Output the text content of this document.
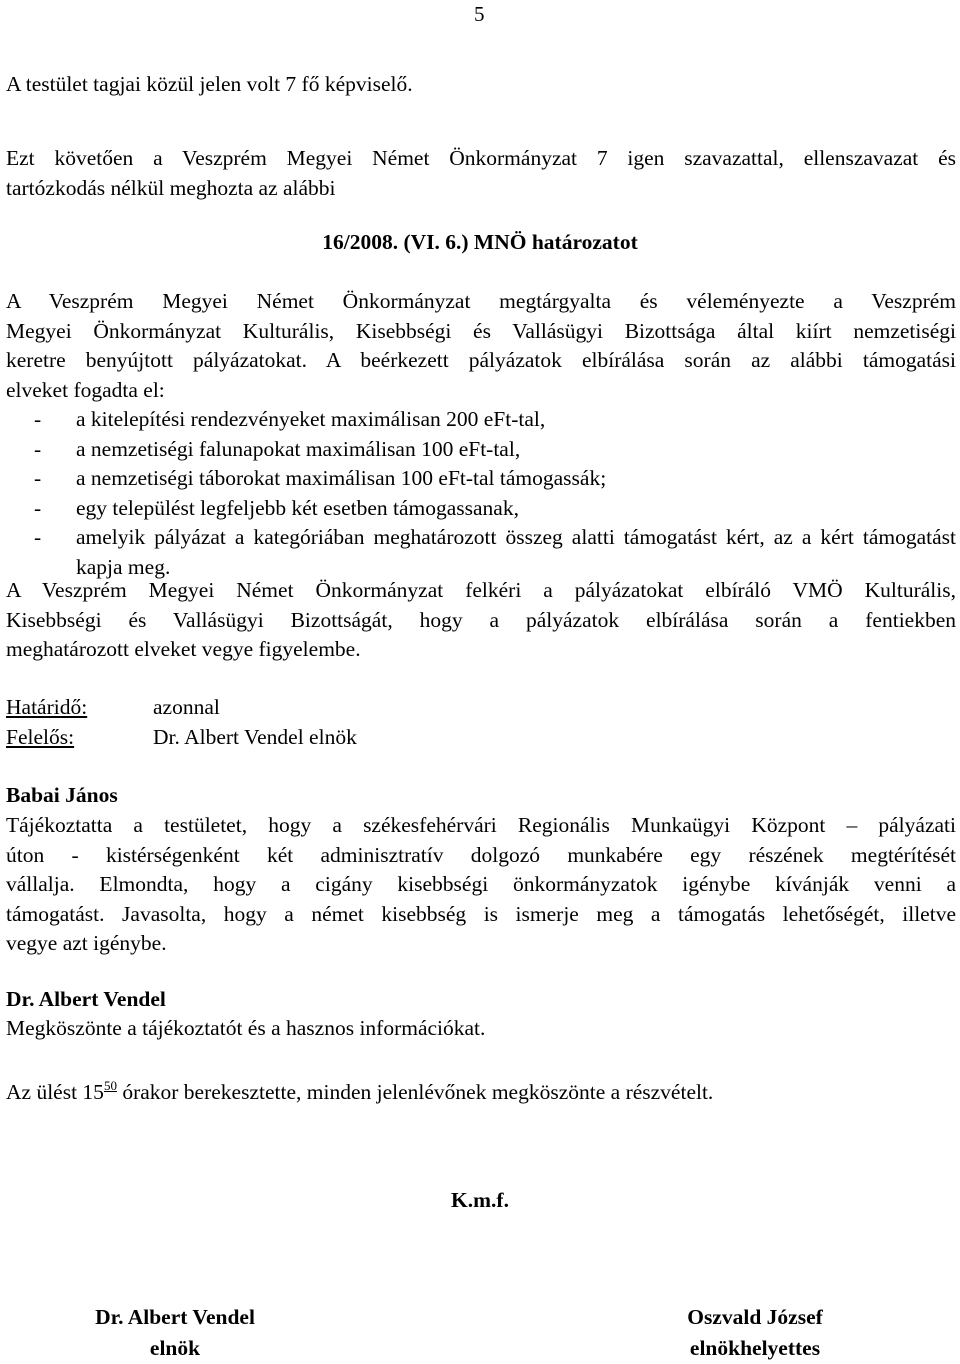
5

A testület tagjai közül jelen volt 7 fő képviselő.

Ezt követően a Veszprém Megyei Német Önkormányzat 7 igen szavazattal, ellenszavazat és
tartózkodás nélkül meghozta az alábbi

16/2008. (VI. 6.) MNÖ határozatot

A Veszprém Megyei Német Önkormányzat megtárgyalta és véleményezte a Veszprém
Megyei Önkormányzat Kulturális, Kisebbségi és Vallásügyi Bizottsága által kiírt nemzetiségi
keretre benyújtott pályázatokat. A beérkezett pályázatok elbírálása során az alábbi támogatási
elveket fogadta el:

- a kitelepítési rendezvényeket maximálisan 200 eFt-tal,
- a nemzetiségi falunapokat maximálisan 100 eFt-tal,
- a nemzetiségi táborokat maximálisan 100 eFt-tal támogassák;
- egy települést legfeljebb két esetben támogassanak,
- amelyik pályázat a kategóriában meghatározott összeg alatti támogatást kért, az a kért támogatást kapja meg.

A Veszprém Megyei Német Önkormányzat felkéri a pályázatokat elbíráló VMÖ Kulturális,
Kisebbségi és Vallásügyi Bizottságát, hogy a pályázatok elbírálása során a fentiekben
meghatározott elveket vegye figyelembe.

Határidő:	azonnal
Felelős:	Dr. Albert Vendel elnök

Babai János

Tájékoztatta a testületet, hogy a székesfehérvári Regionális Munkaügyi Központ – pályázati
úton - kistérségenként két adminisztratív dolgozó munkabére egy részének megtérítését
vállalja. Elmondta, hogy a cigány kisebbségi önkormányzatok igénybe kívánják venni a
támogatást. Javasolta, hogy a német kisebbség is ismerje meg a támogatás lehetőségét, illetve
vegye azt igénybe.

Dr. Albert Vendel

Megköszönte a tájékoztatót és a hasznos információkat.

Az ülést $15^{50}$ órakor berekesztette, minden jelenlévőnek megköszönte a részvételt.

K.m.f.

Dr. Albert Vendel
elnök
Oszvald József
elnökhelyettes
